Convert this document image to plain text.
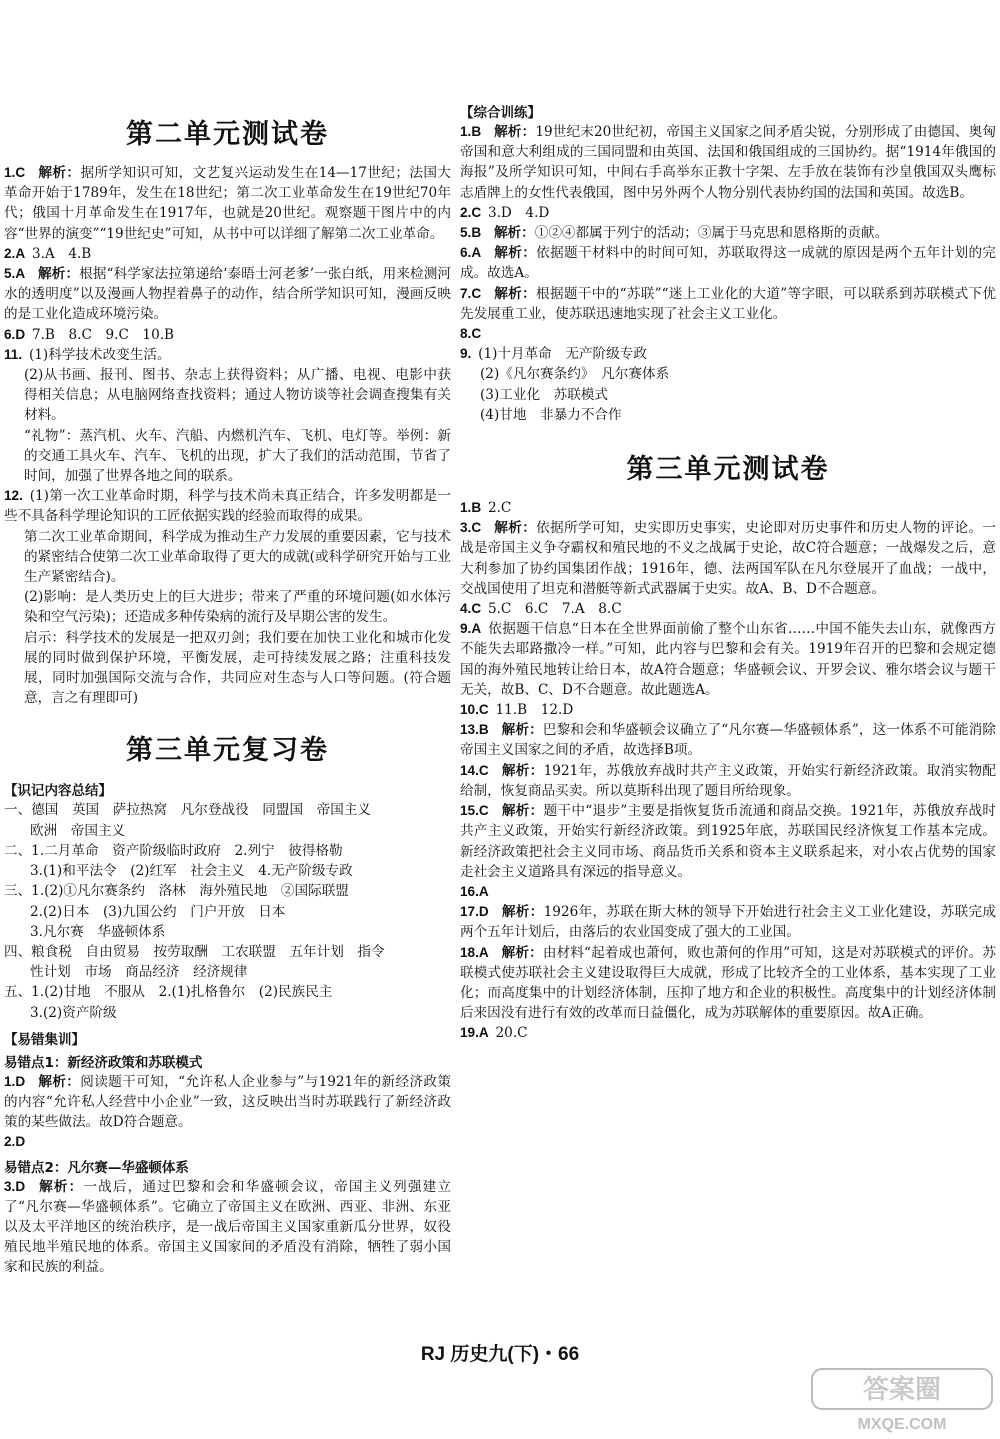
第二单元测试卷

1.C  解析：据所学知识可知，文艺复兴运动发生在14—17世纪；法国大革命开始于1789年，发生在18世纪；第二次工业革命发生在19世纪70年代；俄国十月革命发生在1917年，也就是20世纪。观察题干图片中的内容“世界的演变”“19世纪史”可知，从书中可以详细了解第二次工业革命。

2.A  3.A　4.B

5.A  解析：根据“科学家法拉第递给‘泰晤士河老爹’一张白纸，用来检测河水的透明度”以及漫画人物捏着鼻子的动作，结合所学知识可知，漫画反映的是工业化造成环境污染。

6.D  7.B　8.C　9.C　10.B

11.  (1)科学技术改变生活。

(2)从书画、报刊、图书、杂志上获得资料；从广播、电视、电影中获得相关信息；从电脑网络查找资料；通过人物访谈等社会调查搜集有关材料。

“礼物”：蒸汽机、火车、汽船、内燃机汽车、飞机、电灯等。举例：新的交通工具火车、汽车、飞机的出现，扩大了我们的活动范围，节省了时间，加强了世界各地之间的联系。

12.  (1)第一次工业革命时期，科学与技术尚未真正结合，许多发明都是一些不具备科学理论知识的工匠依据实践的经验而取得的成果。

第二次工业革命期间，科学成为推动生产力发展的重要因素，它与技术的紧密结合使第二次工业革命取得了更大的成就(或科学研究开始与工业生产紧密结合)。

(2)影响：是人类历史上的巨大进步；带来了严重的环境问题(如水体污染和空气污染)；还造成多种传染病的流行及早期公害的发生。

启示：科学技术的发展是一把双刃剑；我们要在加快工业化和城市化发展的同时做到保护环境，平衡发展，走可持续发展之路；注重科技发展，同时加强国际交流与合作，共同应对生态与人口等问题。(符合题意，言之有理即可)

第三单元复习卷
【识记内容总结】

一、德国　英国　萨拉热窝　凡尔登战役　同盟国　帝国主义

欧洲　帝国主义

二、1.二月革命　资产阶级临时政府　2.列宁　彼得格勒

3.(1)和平法令　(2)红军　社会主义　4.无产阶级专政

三、1.(2)①凡尔赛条约　洛林　海外殖民地　②国际联盟

2.(2)日本　(3)九国公约　门户开放　日本

3.凡尔赛　华盛顿体系

四、粮食税　自由贸易　按劳取酬　工农联盟　五年计划　指令

性计划　市场　商品经济　经济规律

五、1.(2)甘地　不服从　2.(1)扎格鲁尔　(2)民族民主

3.(2)资产阶级

【易错集训】
易错点1：新经济政策和苏联模式

1.D  解析：阅读题干可知，“允许私人企业参与”与1921年的新经济政策的内容“允许私人经营中小企业”一致，这反映出当时苏联践行了新经济政策的某些做法。故D符合题意。

2.D 

易错点2：凡尔赛—华盛顿体系

3.D  解析：一战后，通过巴黎和会和华盛顿会议，帝国主义列强建立了“凡尔赛—华盛顿体系”。它确立了帝国主义在欧洲、西亚、非洲、东亚以及太平洋地区的统治秩序，是一战后帝国主义国家重新瓜分世界，奴役殖民地半殖民地的体系。帝国主义国家间的矛盾没有消除，牺牲了弱小国家和民族的利益。

【综合训练】

1.B  解析：19世纪末20世纪初，帝国主义国家之间矛盾尖锐，分别形成了由德国、奥匈帝国和意大利组成的三国同盟和由英国、法国和俄国组成的三国协约。据“1914年俄国的海报”及所学知识可知，中间右手高举东正教十字架、左手放在装饰有沙皇俄国双头鹰标志盾牌上的女性代表俄国，图中另外两个人物分别代表协约国的法国和英国。故选B。

2.C  3.D　4.D

5.B  解析：①②④都属于列宁的活动；③属于马克思和恩格斯的贡献。

6.A  解析：依据题干材料中的时间可知，苏联取得这一成就的原因是两个五年计划的完成。故选A。

7.C  解析：根据题干中的“苏联”“迷上工业化的大道”等字眼，可以联系到苏联模式下优先发展重工业，使苏联迅速地实现了社会主义工业化。

8.C 

9.  (1)十月革命　无产阶级专政

(2)《凡尔赛条约》　凡尔赛体系

(3)工业化　苏联模式

(4)甘地　非暴力不合作

第三单元测试卷

1.B  2.C

3.C  解析：依据所学可知，史实即历史事实，史论即对历史事件和历史人物的评论。一战是帝国主义争夺霸权和殖民地的不义之战属于史论，故C符合题意；一战爆发之后，意大利参加了协约国集团作战；1916年，德、法两国军队在凡尔登展开了血战；一战中，交战国使用了坦克和潜艇等新式武器属于史实。故A、B、D不合题意。

4.C  5.C　6.C　7.A　8.C

9.A  依据题干信息“日本在全世界面前偷了整个山东省……中国不能失去山东，就像西方不能失去耶路撒冷一样。”可知，此内容与巴黎和会有关。1919年召开的巴黎和会规定德国的海外殖民地转让给日本，故A符合题意；华盛顿会议、开罗会议、雅尔塔会议与题干无关，故B、C、D不合题意。故此题选A。

10.C  11.B　12.D

13.B  解析：巴黎和会和华盛顿会议确立了“凡尔赛—华盛顿体系”，这一体系不可能消除帝国主义国家之间的矛盾，故选择B项。

14.C  解析：1921年，苏俄放弃战时共产主义政策，开始实行新经济政策。取消实物配给制，恢复商品买卖。所以莫斯科出现了题目所给现象。

15.C  解析：题干中“退步”主要是指恢复货币流通和商品交换。1921年，苏俄放弃战时共产主义政策，开始实行新经济政策。到1925年底，苏联国民经济恢复工作基本完成。新经济政策把社会主义同市场、商品货币关系和资本主义联系起来，对小农占优势的国家走社会主义道路具有深远的指导意义。

16.A 

17.D  解析：1926年，苏联在斯大林的领导下开始进行社会主义工业化建设，苏联完成两个五年计划后，由落后的农业国变成了强大的工业国。

18.A  解析：由材料“起着成也萧何，败也萧何的作用”可知，这是对苏联模式的评价。苏联模式使苏联社会主义建设取得巨大成就，形成了比较齐全的工业体系，基本实现了工业化；而高度集中的计划经济体制，压抑了地方和企业的积极性。高度集中的计划经济体制后来因没有进行有效的改革而日益僵化，成为苏联解体的重要原因。故A正确。

19.A  20.C

RJ 历史九(下)・66
答案圈
MXQE.COM
